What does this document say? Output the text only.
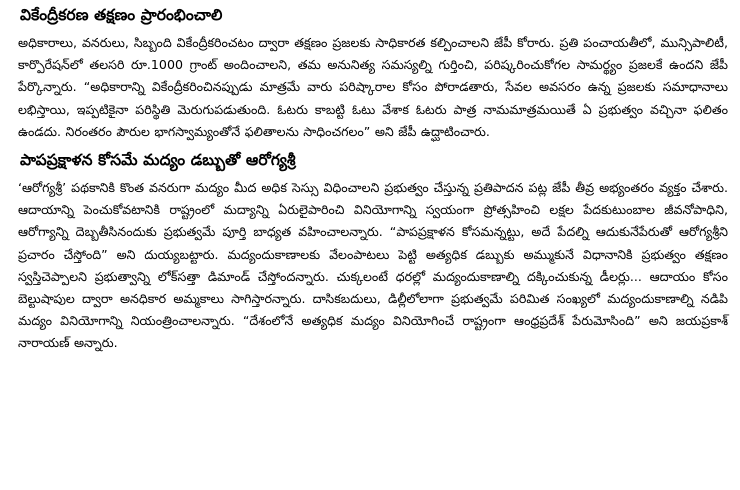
వికేంద్రీకరణ తక్షణం ప్రారంభించాలి

అధికారాలు, వనరులు, సిబ్బంది వికేంద్రీకరించటం ద్వారా తక్షణం ప్రజలకు సాధికారత కల్పించాలని జేపీ కోరారు. ప్రతి పంచాయతీలో, మున్సిపాలిటీ, కార్పొరేషన్‌లో తలసరి రూ.1000 గ్రాంట్ అందించాలని, తమ అనునిత్య సమస్యల్ని గుర్తించి, పరిష్కరించుకోగల సామర్థ్యం ప్రజలకే ఉందని జేపీ పేర్కొన్నారు. “అధికారాన్ని వికేంద్రీకరించినప్పుడు మాత్రమే వారు పరిష్కారాల కోసం పోరాడతారు, సేవల అవసరం ఉన్న ప్రజలకు సమాధానాలు లభిస్తాయి, ఇప్పటికైనా పరిస్థితి మెరుగుపడుతుంది. ఓటరు కాబట్టి ఓటు వేశాక ఓటరు పాత్ర నామమాత్రమయితే ఏ ప్రభుత్వం వచ్చినా ఫలితం ఉండదు. నిరంతరం పౌరుల భాగస్వామ్యంతోనే ఫలితాలను సాధించగలం” అని జేపీ ఉద్ఘాటించారు.

పాపప్రక్షాళన కోసమే మద్యం డబ్బుతో ఆరోగ్యశ్రీ

‘ఆరోగ్యశ్రీ’ పథకానికి కొంత వనరుగా మద్యం మీద అధిక సెస్సు విధించాలని ప్రభుత్వం చేస్తున్న ప్రతిపాదన పట్ల జేపీ తీవ్ర అభ్యంతరం వ్యక్తం చేశారు. ఆదాయాన్ని పెంచుకోవటానికి రాష్ట్రంలో మద్యాన్ని ఏరులైపారించి వినియోగాన్ని స్వయంగా ప్రోత్సహించి లక్షల పేదకుటుంబాల జీవనోపాధిని, ఆరోగ్యాన్ని దెబ్బతీసినందుకు ప్రభుత్వమే పూర్తి బాధ్యత వహించాలన్నారు. “పాపప్రక్షాళన కోసమన్నట్టు, అదే పేదల్ని ఆదుకునేపేరుతో ఆరోగ్యశ్రీని ప్రచారం చేస్తోంది” అని దుయ్యబట్టారు. మద్యందుకాణాలకు వేలంపాటలు పెట్టి అత్యధిక డబ్బుకు అమ్ముకునే విధానానికి ప్రభుత్వం తక్షణం స్వస్తిచెప్పాలని ప్రభుత్వాన్ని లోక్‌సత్తా డిమాండ్ చేస్తోందన్నారు. చుక్కలంటే ధరల్లో మద్యందుకాణాల్ని దక్కించుకున్న డీలర్లు... ఆదాయం కోసం బెల్టుషాపుల ద్వారా అనధికార అమ్మకాలు సాగిస్తారన్నారు. దాసికబదులు, డిల్లీలోలాగా ప్రభుత్వమే పరిమిత సంఖ్యలో మద్యందుకాణాల్ని నడిపి మద్యం వినియోగాన్ని నియంత్రించాలన్నారు. “దేశంలోనే అత్యధిక మద్యం వినియోగించే రాష్ట్రంగా ఆంధ్రప్రదేశ్ పేరుమోసింది” అని జయప్రకాశ్ నారాయణ్ అన్నారు.
